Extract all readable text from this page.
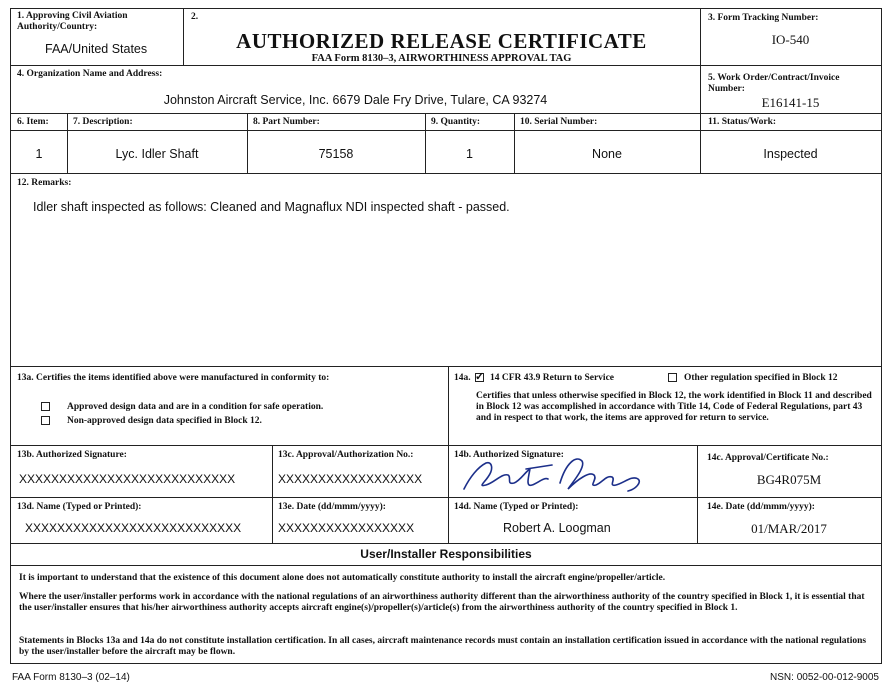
1. Approving Civil Aviation Authority/Country:
FAA/United States
2.
AUTHORIZED RELEASE CERTIFICATE
FAA Form 8130–3, AIRWORTHINESS APPROVAL TAG
3. Form Tracking Number:
IO-540
4. Organization Name and Address:
Johnston Aircraft Service, Inc. 6679 Dale Fry Drive, Tulare, CA 93274
5. Work Order/Contract/Invoice Number:
E16141-15
6. Item:	7. Description:	8. Part Number:	9. Quantity:	10. Serial Number:	11. Status/Work:
1	Lyc. Idler Shaft	75158	1	None	Inspected
12. Remarks:
Idler shaft inspected as follows: Cleaned and Magnaflux NDI inspected shaft - passed.
13a. Certifies the items identified above were manufactured in conformity to:
Approved design data and are in a condition for safe operation.
Non-approved design data specified in Block 12.
14a.
✓ 14 CFR 43.9 Return to Service	Other regulation specified in Block 12
Certifies that unless otherwise specified in Block 12, the work identified in Block 11 and described in Block 12 was accomplished in accordance with Title 14, Code of Federal Regulations, part 43 and in respect to that work, the items are approved for return to service.
13b. Authorized Signature:
XXXXXXXXXXXXXXXXXXXXXXXXXXX
13c. Approval/Authorization No.:
XXXXXXXXXXXXXXXXXX
14b. Authorized Signature:	14c. Approval/Certificate No.:
BG4R075M
13d. Name (Typed or Printed):
XXXXXXXXXXXXXXXXXXXXXXXXXXX
13e. Date (dd/mmm/yyyy):
XXXXXXXXXXXXXXXXX
14d. Name (Typed or Printed):
Robert A. Loogman
14e. Date (dd/mmm/yyyy):
01/MAR/2017
User/Installer Responsibilities
It is important to understand that the existence of this document alone does not automatically constitute authority to install the aircraft engine/propeller/article.
Where the user/installer performs work in accordance with the national regulations of an airworthiness authority different than the airworthiness authority of the country specified in Block 1, it is essential that the user/installer ensures that his/her airworthiness authority accepts aircraft engine(s)/propeller(s)/article(s) from the airworthiness authority of the country specified in Block 1.
Statements in Blocks 13a and 14a do not constitute installation certification. In all cases, aircraft maintenance records must contain an installation certification issued in accordance with the national regulations by the user/installer before the aircraft may be flown.
FAA Form 8130–3 (02–14)	NSN: 0052-00-012-9005
